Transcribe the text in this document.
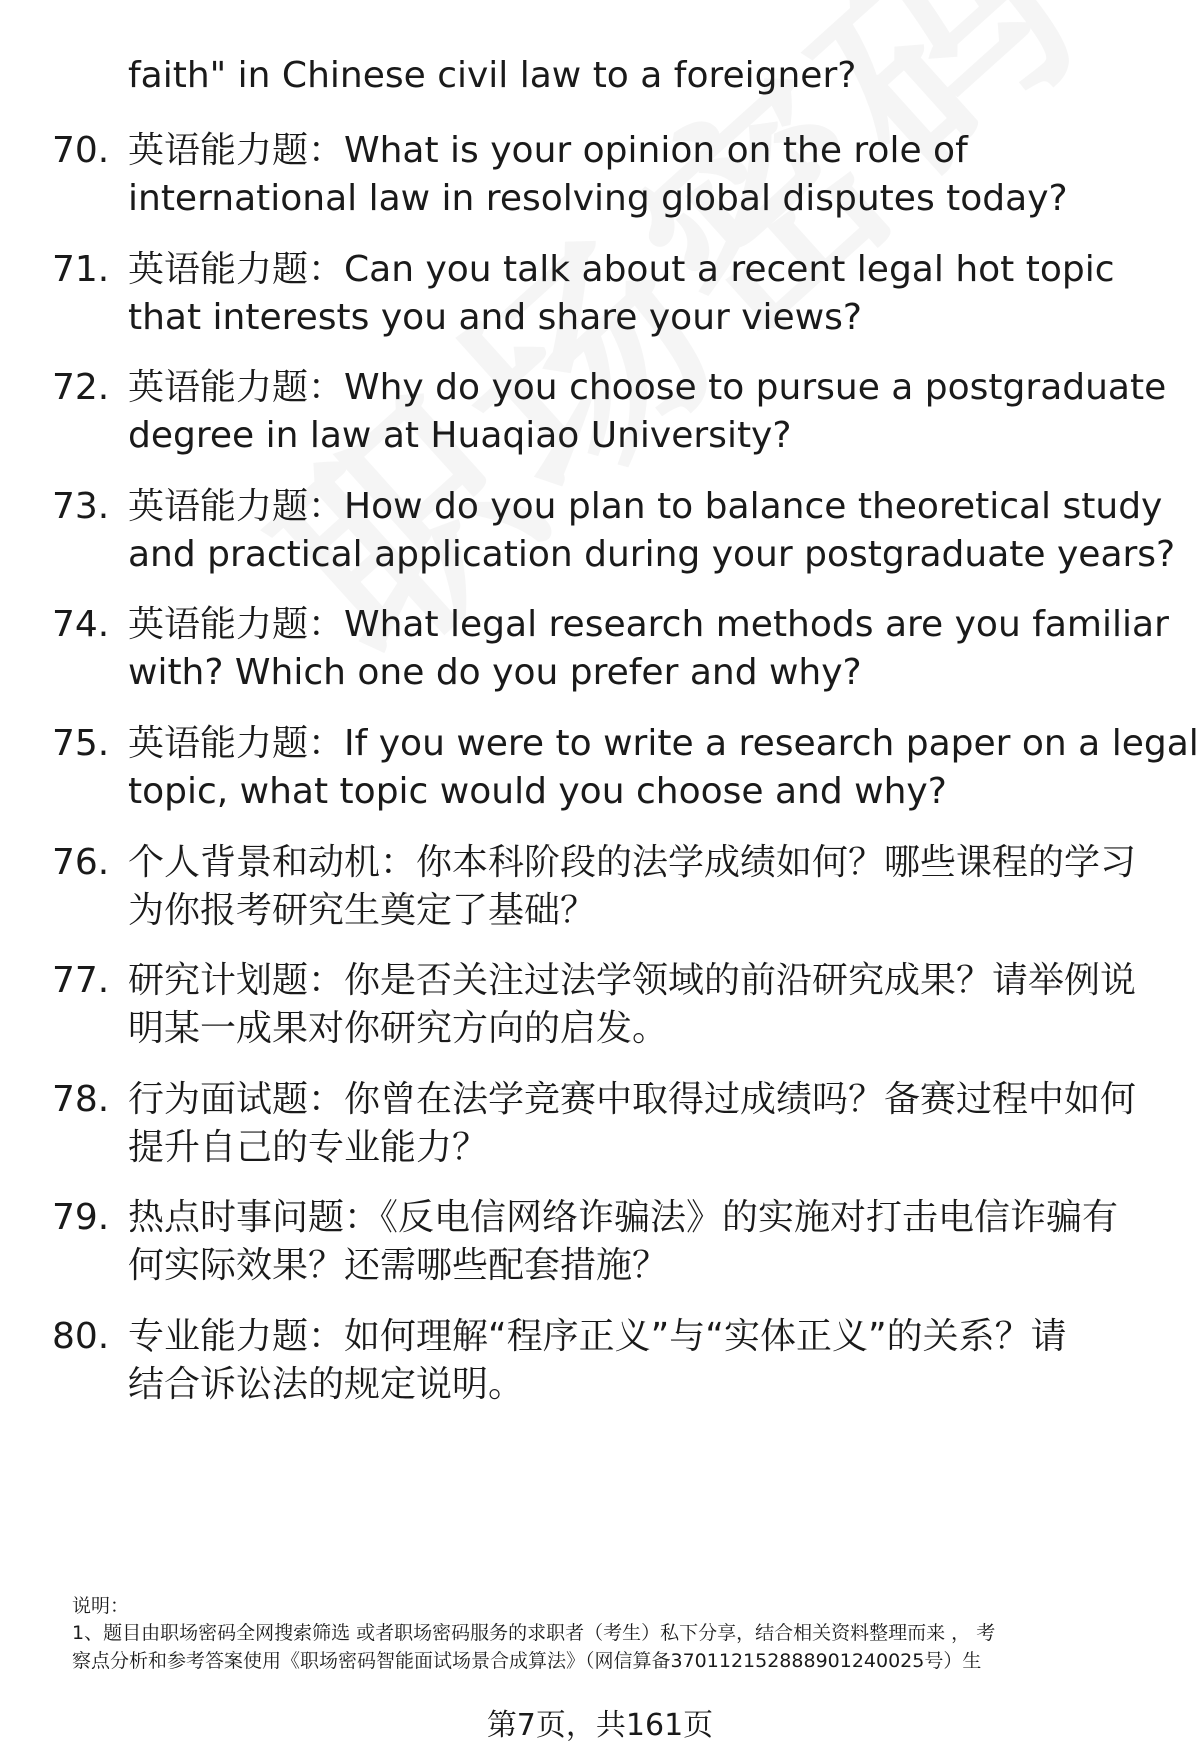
faith" in Chinese civil law to a foreigner?
70. 英语能力题：What is your opinion on the role of
international law in resolving global disputes today?
71. 英语能力题：Can you talk about a recent legal hot topic
that interests you and share your views?
72. 英语能力题：Why do you choose to pursue a postgraduate
degree in law at Huaqiao University?
73. 英语能力题：How do you plan to balance theoretical study
and practical application during your postgraduate years?
74. 英语能力题：What legal research methods are you familiar
with? Which one do you prefer and why?
75. 英语能力题：If you were to write a research paper on a legal
topic, what topic would you choose and why?
76. 个人背景和动机：你本科阶段的法学成绩如何？哪些课程的学习
为你报考研究生奠定了基础？
77. 研究计划题：你是否关注过法学领域的前沿研究成果？请举例说
明某一成果对你研究方向的启发。
78. 行为面试题：你曾在法学竞赛中取得过成绩吗？备赛过程中如何
提升自己的专业能力？
79. 热点时事问题：《反电信网络诈骗法》的实施对打击电信诈骗有
何实际效果？还需哪些配套措施？
80. 专业能力题：如何理解“程序正义”与“实体正义”的关系？请
结合诉讼法的规定说明。
说明：
1、题目由职场密码全网搜索筛选 或者职场密码服务的求职者（考生）私下分享，结合相关资料整理而来 ， 考
察点分析和参考答案使用《职场密码智能面试场景合成算法》（网信算备370112152888901240025号）生
第7页，共161页
